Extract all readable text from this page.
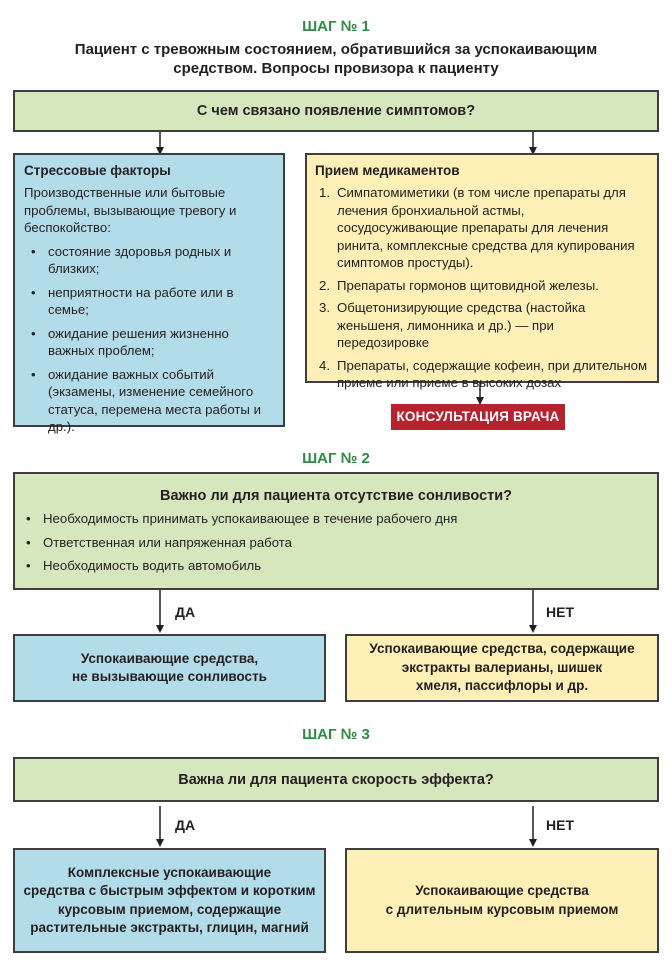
ШАГ № 1
Пациент с тревожным состоянием, обратившийся за успокаивающим
средством. Вопросы провизора к пациенту
С чем связано появление симптомов?
Стрессовые факторы
Производственные или бытовые проблемы, вызывающие тревогу и беспокойство:
• состояние здоровья родных и близких;
• неприятности на работе или в семье;
• ожидание решения жизненно важных проблем;
• ожидание важных событий (экзамены, изменение семейного статуса, перемена места работы и др.).
Прием медикаментов
1. Симпатомиметики (в том числе препараты для лечения бронхиальной астмы, сосудосуживающие препараты для лечения ринита, комплексные средства для купирования симптомов простуды).
2. Препараты гормонов щитовидной железы.
3. Общетонизирующие средства (настойка женьшеня, лимонника и др.) — при передозировке
4. Препараты, содержащие кофеин, при длительном приеме или приеме в высоких дозах
КОНСУЛЬТАЦИЯ ВРАЧА
ШАГ № 2
Важно ли для пациента отсутствие сонливости?
• Необходимость принимать успокаивающее в течение рабочего дня
• Ответственная или напряженная работа
• Необходимость водить автомобиль
ДА	НЕТ
Успокаивающие средства,
не вызывающие сонливость
Успокаивающие средства, содержащие
экстракты валерианы, шишек
хмеля, пассифлоры и др.
ШАГ № 3
Важна ли для пациента скорость эффекта?
ДА	НЕТ
Комплексные успокаивающие
средства с быстрым эффектом и коротким
курсовым приемом, содержащие
растительные экстракты, глицин, магний
Успокаивающие средства
с длительным курсовым приемом
